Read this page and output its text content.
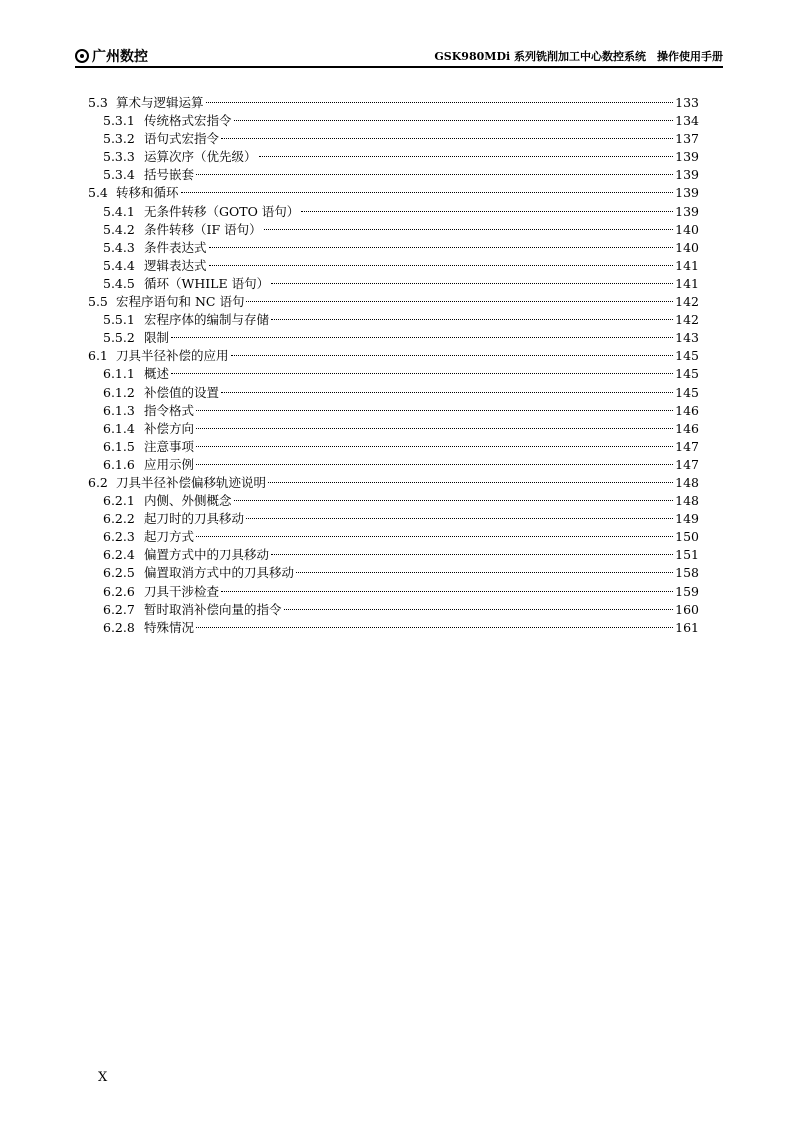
广州数控	GSK980MDi 系列铣削加工中心数控系统　操作使用手册
5.3 算术与逻辑运算	133
5.3.1 传统格式宏指令	134
5.3.2 语句式宏指令	137
5.3.3 运算次序（优先级）	139
5.3.4 括号嵌套	139
5.4 转移和循环	139
5.4.1 无条件转移（GOTO 语句）	139
5.4.2 条件转移（IF 语句）	140
5.4.3 条件表达式	140
5.4.4 逻辑表达式	141
5.4.5 循环（WHILE 语句）	141
5.5 宏程序语句和 NC 语句	142
5.5.1 宏程序体的编制与存储	142
5.5.2 限制	143
6.1 刀具半径补偿的应用	145
6.1.1 概述	145
6.1.2 补偿值的设置	145
6.1.3 指令格式	146
6.1.4 补偿方向	146
6.1.5 注意事项	147
6.1.6 应用示例	147
6.2 刀具半径补偿偏移轨迹说明	148
6.2.1 内侧、外侧概念	148
6.2.2 起刀时的刀具移动	149
6.2.3 起刀方式	150
6.2.4 偏置方式中的刀具移动	151
6.2.5 偏置取消方式中的刀具移动	158
6.2.6 刀具干涉检查	159
6.2.7 暂时取消补偿向量的指令	160
6.2.8 特殊情况	161
X
